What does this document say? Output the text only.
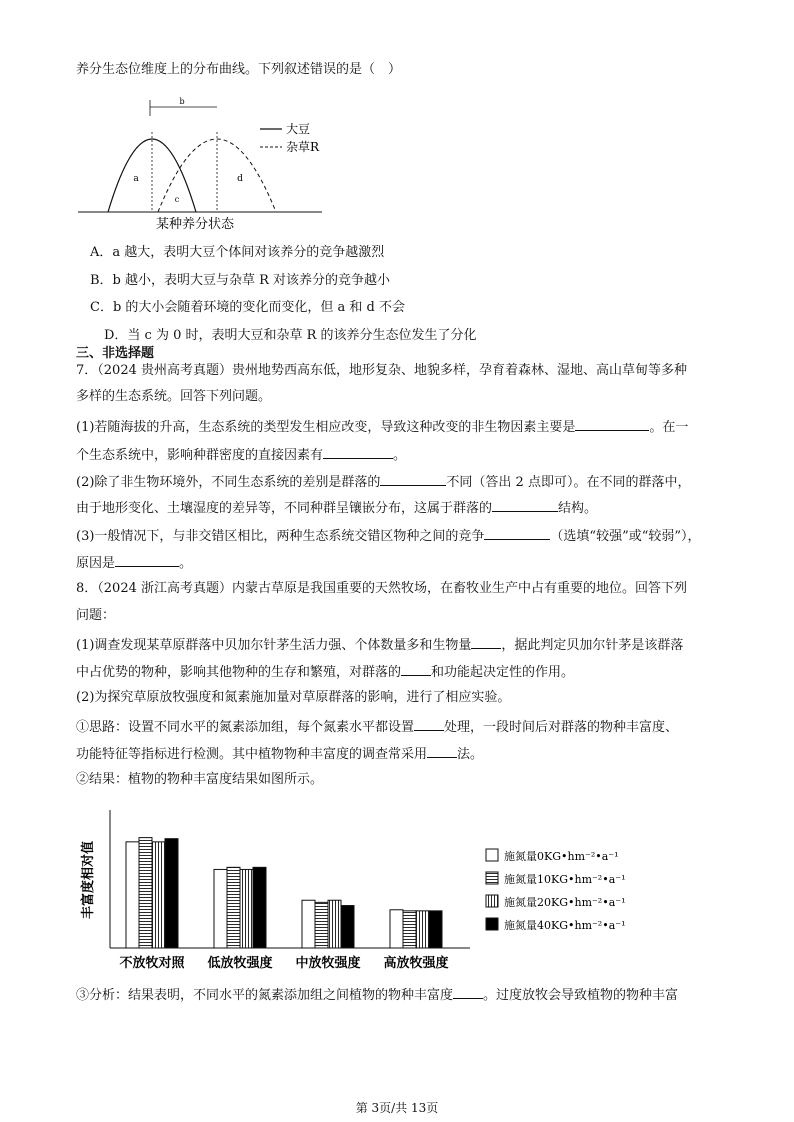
养分生态位维度上的分布曲线。下列叙述错误的是（　）
b
a
c
d
大豆
杂草R
某种养分状态
A．a 越大，表明大豆个体间对该养分的竞争越激烈
B．b 越小，表明大豆与杂草 R 对该养分的竞争越小
C．b 的大小会随着环境的变化而变化，但 a 和 d 不会
D．当 c 为 0 时，表明大豆和杂草 R 的该养分生态位发生了分化
三、非选择题
7．（2024 贵州高考真题）贵州地势西高东低，地形复杂、地貌多样，孕育着森林、湿地、高山草甸等多种
多样的生态系统。回答下列问题。
(1)若随海拔的升高，生态系统的类型发生相应改变，导致这种改变的非生物因素主要是	。在一
个生态系统中，影响种群密度的直接因素有	。
(2)除了非生物环境外，不同生态系统的差别是群落的	不同（答出 2 点即可）。在不同的群落中，
由于地形变化、土壤湿度的差异等，不同种群呈镶嵌分布，这属于群落的	结构。
(3)一般情况下，与非交错区相比，两种生态系统交错区物种之间的竞争	（选填“较强”或“较弱”），
原因是	。
8．（2024 浙江高考真题）内蒙古草原是我国重要的天然牧场，在畜牧业生产中占有重要的地位。回答下列
问题：
(1)调查发现某草原群落中贝加尔针茅生活力强、个体数量多和生物量 ，据此判定贝加尔针茅是该群落
中占优势的物种，影响其他物种的生存和繁殖，对群落的 和功能起决定性的作用。
(2)为探究草原放牧强度和氮素施加量对草原群落的影响，进行了相应实验。
①思路：设置不同水平的氮素添加组，每个氮素水平都设置 处理，一段时间后对群落的物种丰富度、
功能特征等指标进行检测。其中植物物种丰富度的调查常采用 法。
②结果：植物的物种丰富度结果如图所示。
丰富度相对值
不放牧对照 低放牧强度 中放牧强度 高放牧强度
施氮量0KG•hm⁻²•a⁻¹
施氮量10KG•hm⁻²•a⁻¹
施氮量20KG•hm⁻²•a⁻¹
施氮量40KG•hm⁻²•a⁻¹
③分析：结果表明，不同水平的氮素添加组之间植物的物种丰富度 。过度放牧会导致植物的物种丰富
第 3页/共 13页
